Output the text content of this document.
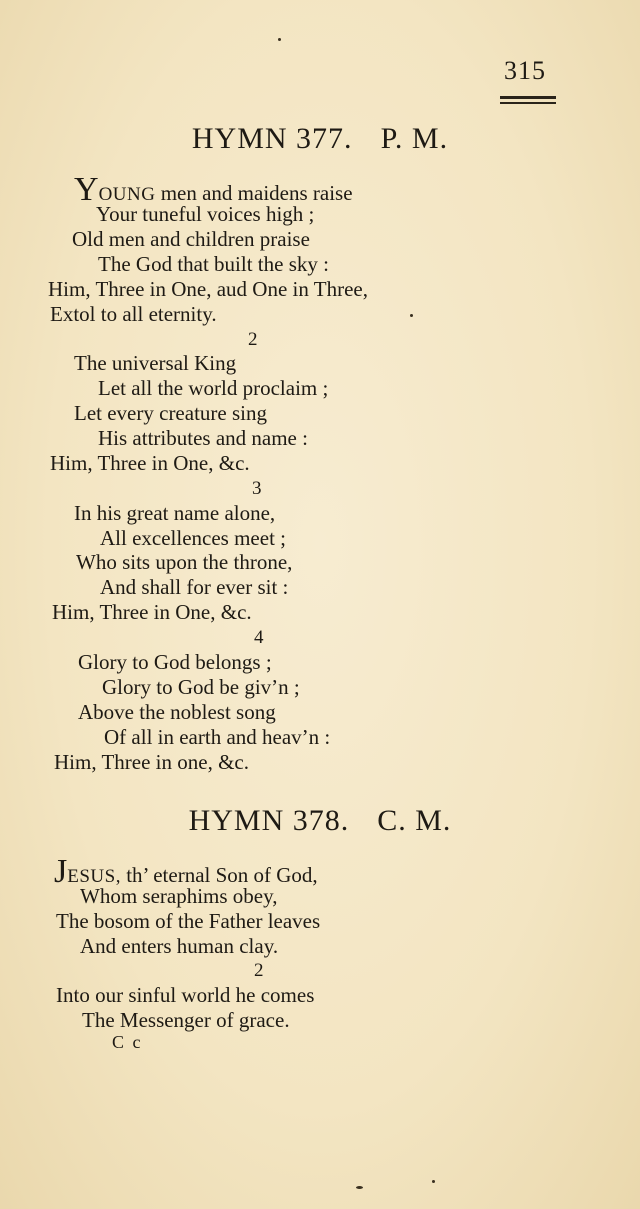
315
HYMN 377. P. M.
YOUNG men and maidens raise
Your tuneful voices high ;
Old men and children praise
The God that built the sky :
Him, Three in One, aud One in Three,
Extol to all eternity.
2
The universal King
Let all the world proclaim ;
Let every creature sing
His attributes and name :
Him, Three in One, &c.
3
In his great name alone,
All excellences meet ;
Who sits upon the throne,
And shall for ever sit :
Him, Three in One, &c.
4
Glory to God belongs ;
Glory to God be giv’n ;
Above the noblest song
Of all in earth and heav’n :
Him, Three in one, &c.
HYMN 378. C. M.
JESUS, th’ eternal Son of God,
Whom seraphims obey,
The bosom of the Father leaves
And enters human clay.
2
Into our sinful world he comes
The Messenger of grace.
C c
